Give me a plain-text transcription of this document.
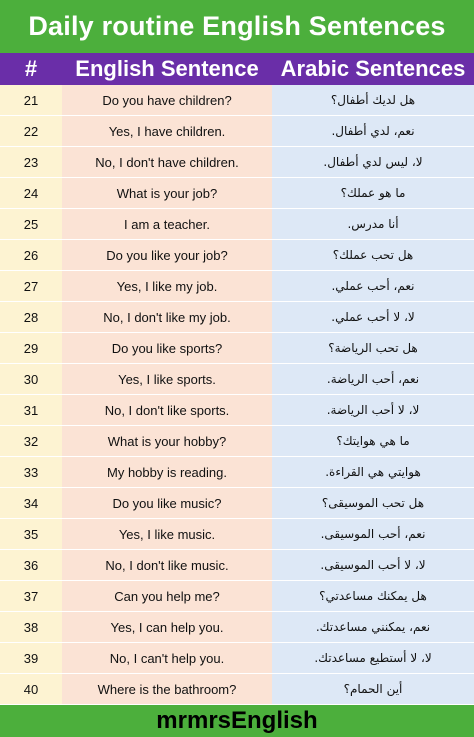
Daily routine English Sentences
#	English Sentence Arabic Sentences
21	Do you have children?	هل لديك أطفال؟
22	Yes, I have children.	نعم، لدي أطفال.
23	No, I don't have children.	لا، ليس لدي أطفال.
24	What is your job?	ما هو عملك؟
25	I am a teacher.	أنا مدرس.
26	Do you like your job?	هل تحب عملك؟
27	Yes, I like my job.	نعم، أحب عملي.
28	No, I don't like my job.	لا، لا أحب عملي.
29	Do you like sports?	هل تحب الرياضة؟
30	Yes, I like sports.	نعم، أحب الرياضة.
31	No, I don't like sports.	لا، لا أحب الرياضة.
32	What is your hobby?	ما هي هوايتك؟
33	My hobby is reading.	هوايتي هي القراءة.
34	Do you like music?	هل تحب الموسيقى؟
35	Yes, I like music.	نعم، أحب الموسيقى.
36	No, I don't like music.	لا، لا أحب الموسيقى.
37	Can you help me?	هل يمكنك مساعدتي؟
38	Yes, I can help you.	نعم، يمكنني مساعدتك.
39	No, I can't help you.	لا، لا أستطيع مساعدتك.
40	Where is the bathroom?	أين الحمام؟
mrmrsEnglish
